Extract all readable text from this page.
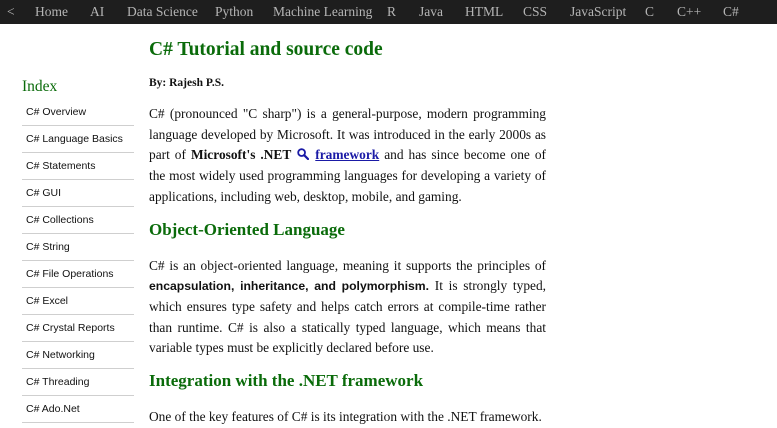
< Home AI Data Science Python Machine Learning R Java HTML CSS JavaScript C C++ C#
Index
C# Overview
C# Language Basics
C# Statements
C# GUI
C# Collections
C# String
C# File Operations
C# Excel
C# Crystal Reports
C# Networking
C# Threading
C# Ado.Net
C# Tutorial and source code
By: Rajesh P.S.

C# (pronounced "C sharp") is a general-purpose, modern programming language developed by Microsoft. It was introduced in the early 2000s as part of Microsoft's .NET framework and has since become one of the most widely used programming languages for developing a variety of applications, including web, desktop, mobile, and gaming.

Object-Oriented Language

C# is an object-oriented language, meaning it supports the principles of encapsulation, inheritance, and polymorphism. It is strongly typed, which ensures type safety and helps catch errors at compile-time rather than runtime. C# is also a statically typed language, which means that variable types must be explicitly declared before use.

Integration with the .NET framework

One of the key features of C# is its integration with the .NET framework.
